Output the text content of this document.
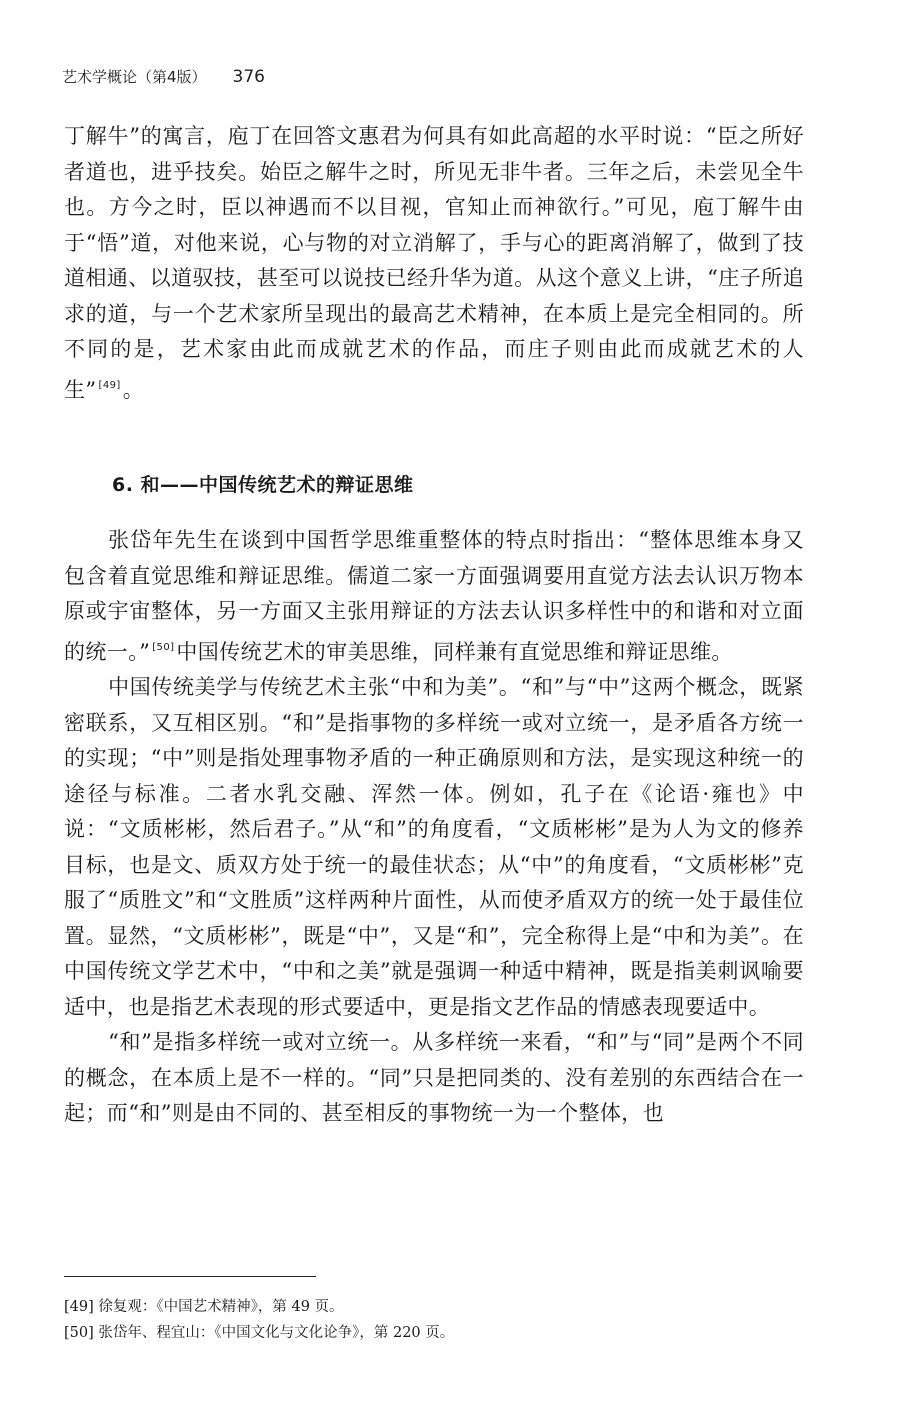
艺术学概论（第4版） 376

丁解牛”的寓言，庖丁在回答文惠君为何具有如此高超的水平时说：“臣之所好者道也，进乎技矣。始臣之解牛之时，所见无非牛者。三年之后，未尝见全牛也。方今之时，臣以神遇而不以目视，官知止而神欲行。”可见，庖丁解牛由于“悟”道，对他来说，心与物的对立消解了，手与心的距离消解了，做到了技道相通、以道驭技，甚至可以说技已经升华为道。从这个意义上讲，“庄子所追求的道，与一个艺术家所呈现出的最高艺术精神，在本质上是完全相同的。所不同的是，艺术家由此而成就艺术的作品，而庄子则由此而成就艺术的人生” [49]。

6. 和——中国传统艺术的辩证思维

张岱年先生在谈到中国哲学思维重整体的特点时指出：“整体思维本身又包含着直觉思维和辩证思维。儒道二家一方面强调要用直觉方法去认识万物本原或宇宙整体，另一方面又主张用辩证的方法去认识多样性中的和谐和对立面的统一。” [50]中国传统艺术的审美思维，同样兼有直觉思维和辩证思维。

中国传统美学与传统艺术主张“中和为美”。“和”与“中”这两个概念，既紧密联系，又互相区别。“和”是指事物的多样统一或对立统一，是矛盾各方统一的实现；“中”则是指处理事物矛盾的一种正确原则和方法，是实现这种统一的途径与标准。二者水乳交融、浑然一体。例如，孔子在《论语·雍也》中说：“文质彬彬，然后君子。”从“和”的角度看，“文质彬彬”是为人为文的修养目标，也是文、质双方处于统一的最佳状态；从“中”的角度看，“文质彬彬”克服了“质胜文”和“文胜质”这样两种片面性，从而使矛盾双方的统一处于最佳位置。显然，“文质彬彬”，既是“中”，又是“和”，完全称得上是“中和为美”。在中国传统文学艺术中，“中和之美”就是强调一种适中精神，既是指美刺讽喻要适中，也是指艺术表现的形式要适中，更是指文艺作品的情感表现要适中。

“和”是指多样统一或对立统一。从多样统一来看，“和”与“同”是两个不同的概念，在本质上是不一样的。“同”只是把同类的、没有差别的东西结合在一起；而“和”则是由不同的、甚至相反的事物统一为一个整体，也

[49] 徐复观：《中国艺术精神》，第 49 页。

[50] 张岱年、程宜山：《中国文化与文化论争》，第 220 页。
